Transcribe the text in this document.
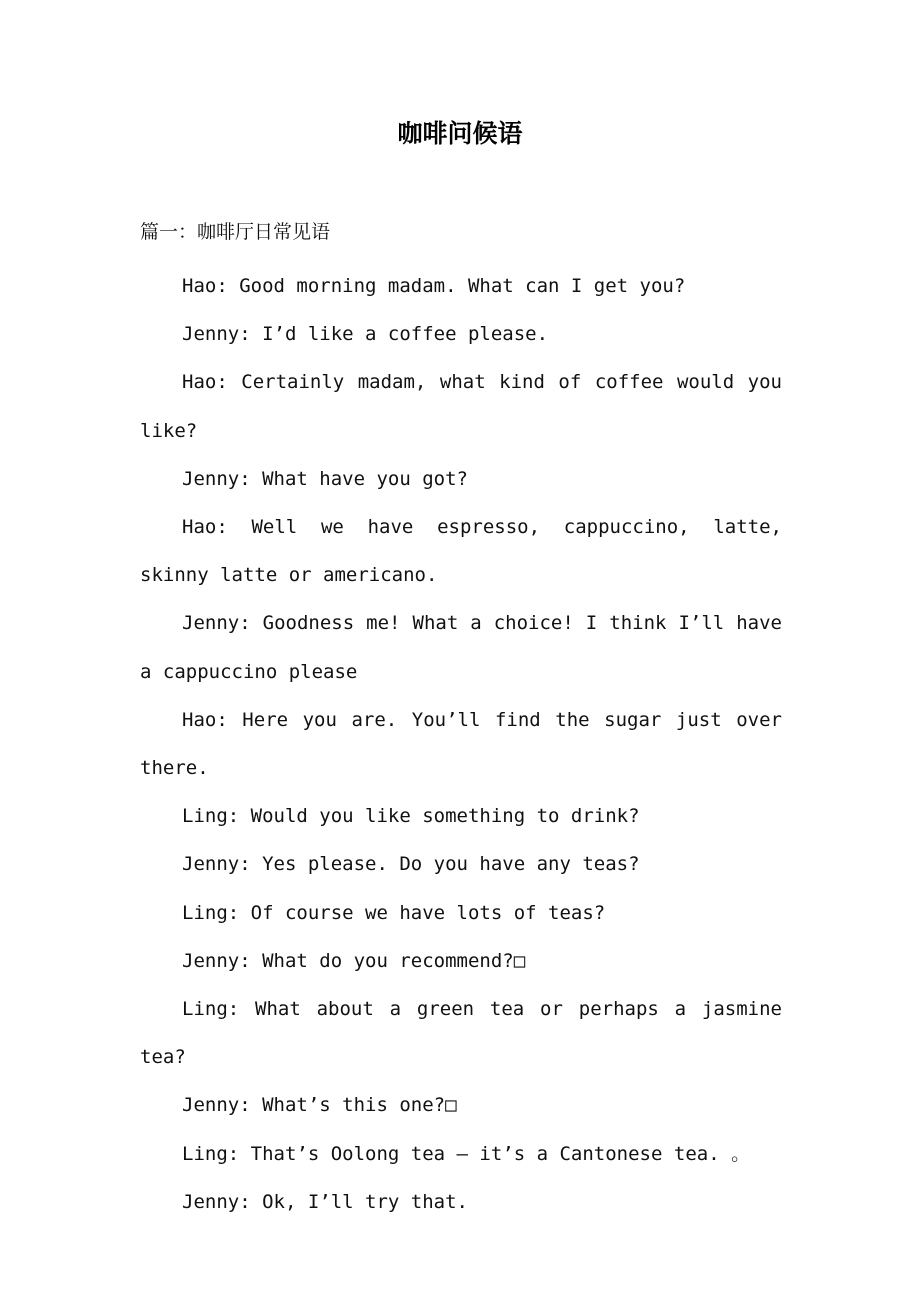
咖啡问候语
篇一：咖啡厅日常见语
Hao: Good morning madam. What can I get you?
Jenny: I’d like a coffee please.
Hao: Certainly madam, what kind of coffee would you like?
Jenny: What have you got?
Hao: Well we have espresso, cappuccino, latte, skinny latte or americano.
Jenny: Goodness me! What a choice! I think I’ll have a cappuccino please
Hao: Here you are. You’ll find the sugar just over there.
Ling: Would you like something to drink?
Jenny: Yes please. Do you have any teas?
Ling: Of course we have lots of teas?
Jenny: What do you recommend?□
Ling: What about a green tea or perhaps a jasmine tea?
Jenny: What’s this one?□
Ling: That’s Oolong tea – it’s a Cantonese tea. 。
Jenny: Ok, I’ll try that.
